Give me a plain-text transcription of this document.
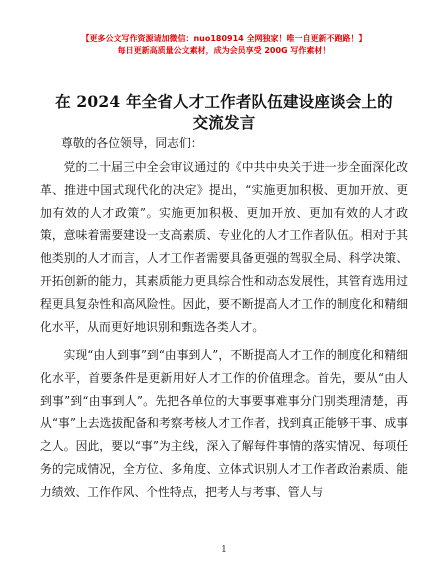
【更多公文写作资源请加微信：nuo180914 全网独家！唯一自更新不跑路！】
每日更新高质量公文素材，成为会员享受 200G 写作素材！
在 2024 年全省人才工作者队伍建设座谈会上的
交流发言
尊敬的各位领导，同志们：
党的二十届三中全会审议通过的《中共中央关于进一步全面深化改革、推进中国式现代化的决定》提出，“实施更加积极、更加开放、更加有效的人才政策”。实施更加积极、更加开放、更加有效的人才政策，意味着需要建设一支高素质、专业化的人才工作者队伍。相对于其他类别的人才而言，人才工作者需要具备更强的驾驭全局、科学决策、开拓创新的能力，其素质能力更具综合性和动态发展性，其管育选用过程更具复杂性和高风险性。因此，要不断提高人才工作的制度化和精细化水平，从而更好地识别和甄选各类人才。
实现“由人到事”到“由事到人”，不断提高人才工作的制度化和精细化水平，首要条件是更新用好人才工作的价值理念。首先，要从“由人到事”到“由事到人”。先把各单位的大事要事难事分门别类理清楚，再从“事”上去选拔配备和考察考核人才工作者，找到真正能够干事、成事之人。因此，要以“事”为主线，深入了解每件事情的落实情况、每项任务的完成情况，全方位、多角度、立体式识别人才工作者政治素质、能力绩效、工作作风、个性特点，把考人与考事、管人与
1
